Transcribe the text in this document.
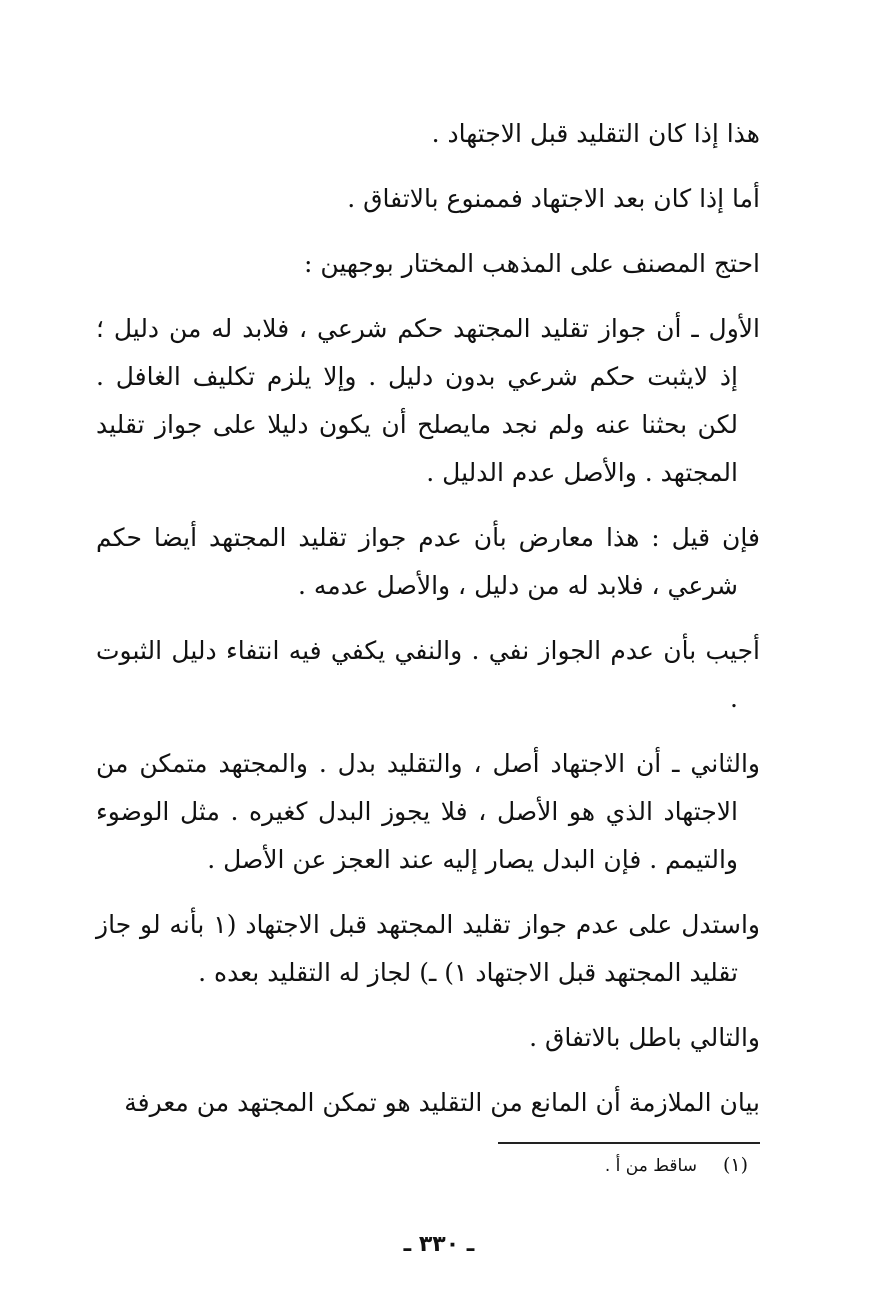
هذا إذا كان التقليد قبل الاجتهاد .

أما إذا كان بعد الاجتهاد فممنوع بالاتفاق .

احتج المصنف على المذهب المختار بوجهين :

الأول ـ أن جواز تقليد المجتهد حكم شرعي ، فلابد له من دليل ؛ إذ لايثبت حكم شرعي بدون دليل . وإلا يلزم تكليف الغافل . لكن بحثنا عنه ولم نجد مايصلح أن يكون دليلا على جواز تقليد المجتهد . والأصل عدم الدليل .

فإن قيل : هذا معارض بأن عدم جواز تقليد المجتهد أيضا حكم شرعي ، فلابد له من دليل ، والأصل عدمه .

أجيب بأن عدم الجواز نفي . والنفي يكفي فيه انتفاء دليل الثبوت .

والثاني ـ أن الاجتهاد أصل ، والتقليد بدل . والمجتهد متمكن من الاجتهاد الذي هو الأصل ، فلا يجوز البدل كغيره . مثل الوضوء والتيمم . فإن البدل يصار إليه عند العجز عن الأصل .

واستدل على عدم جواز تقليد المجتهد قبل الاجتهاد (١ بأنه لو جاز تقليد المجتهد قبل الاجتهاد ١) ـ) لجاز له التقليد بعده .

والتالي باطل بالاتفاق .

بيان الملازمة أن المانع من التقليد هو تمكن المجتهد من معرفة

(١)ساقط من أ .
ـ ٣٣٠ ـ
